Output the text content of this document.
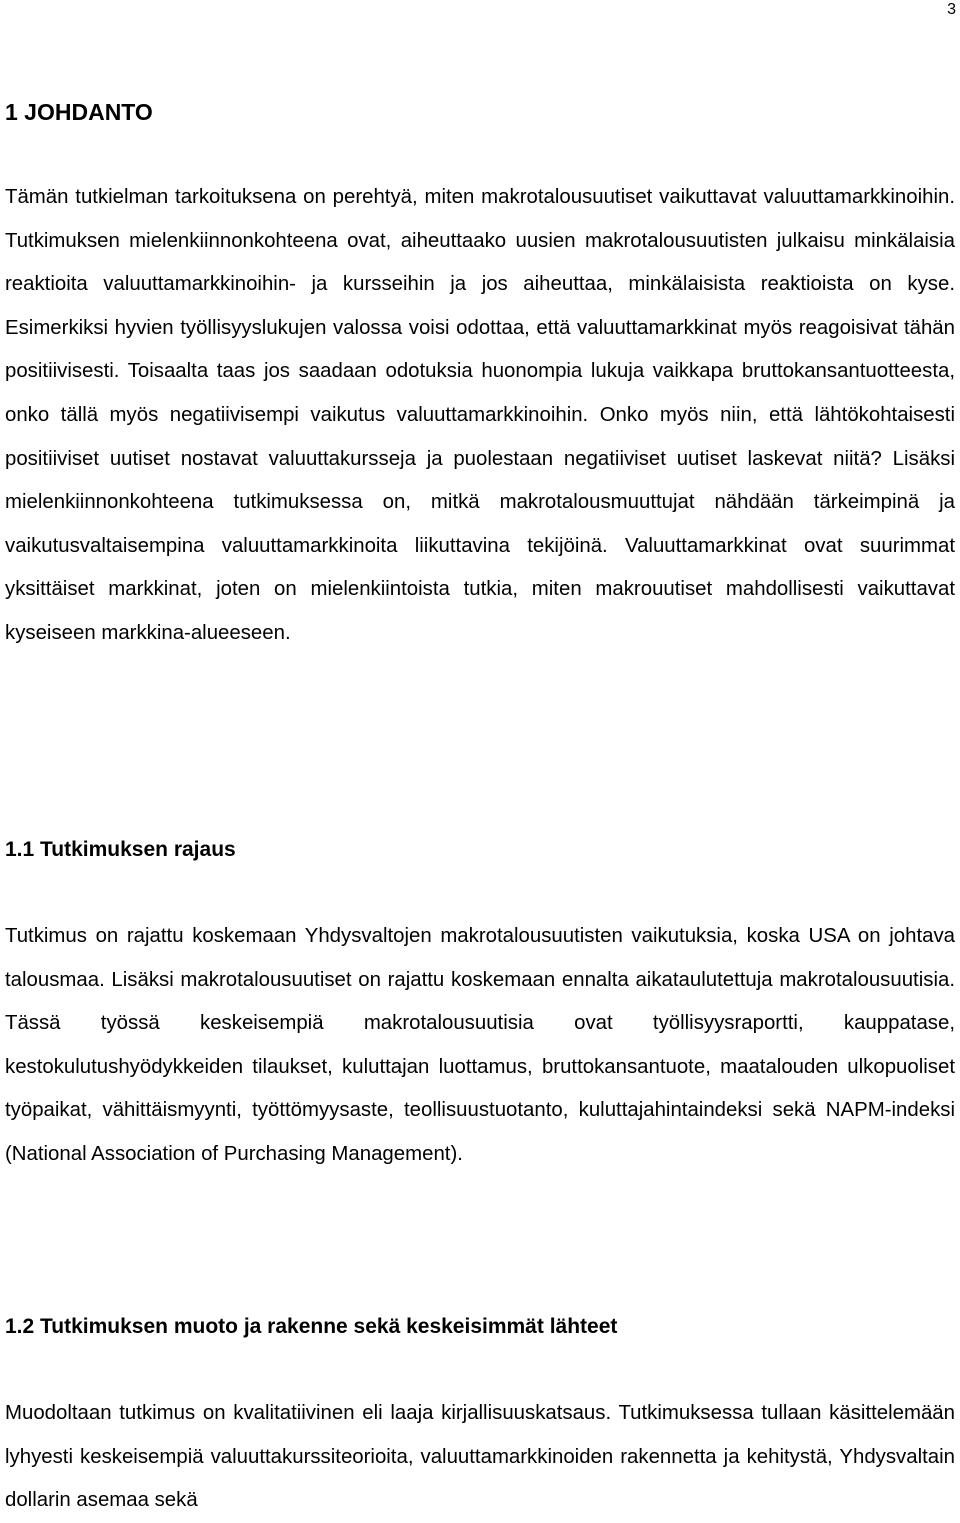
3

1 JOHDANTO

Tämän tutkielman tarkoituksena on perehtyä, miten makrotalousuutiset vaikuttavat valuuttamarkkinoihin. Tutkimuksen mielenkiinnonkohteena ovat, aiheuttaako uusien makrotalousuutisten julkaisu minkälaisia reaktioita valuuttamarkkinoihin- ja kursseihin ja jos aiheuttaa, minkälaisista reaktioista on kyse. Esimerkiksi hyvien työllisyyslukujen valossa voisi odottaa, että valuuttamarkkinat myös reagoisivat tähän positiivisesti. Toisaalta taas jos saadaan odotuksia huonompia lukuja vaikkapa bruttokansantuotteesta, onko tällä myös negatiivisempi vaikutus valuuttamarkkinoihin. Onko myös niin, että lähtökohtaisesti positiiviset uutiset nostavat valuuttakursseja ja puolestaan negatiiviset uutiset laskevat niitä? Lisäksi mielenkiinnonkohteena tutkimuksessa on, mitkä makrotalousmuuttujat nähdään tärkeimpinä ja vaikutusvaltaisempina valuuttamarkkinoita liikuttavina tekijöinä. Valuuttamarkkinat ovat suurimmat yksittäiset markkinat, joten on mielenkiintoista tutkia, miten makrouutiset mahdollisesti vaikuttavat kyseiseen markkina-alueeseen.

1.1 Tutkimuksen rajaus

Tutkimus on rajattu koskemaan Yhdysvaltojen makrotalousuutisten vaikutuksia, koska USA on johtava talousmaa. Lisäksi makrotalousuutiset on rajattu koskemaan ennalta aikataulutettuja makrotalousuutisia. Tässä työssä keskeisempiä makrotalousuutisia ovat työllisyysraportti, kauppatase, kestokulutushyödykkeiden tilaukset, kuluttajan luottamus, bruttokansantuote, maatalouden ulkopuoliset työpaikat, vähittäismyynti, työttömyysaste, teollisuustuotanto, kuluttajahintaindeksi sekä NAPM-indeksi (National Association of Purchasing Management).

1.2 Tutkimuksen muoto ja rakenne sekä keskeisimmät lähteet

Muodoltaan tutkimus on kvalitatiivinen eli laaja kirjallisuuskatsaus. Tutkimuksessa tullaan käsittelemään lyhyesti keskeisempiä valuuttakurssiteorioita, valuuttamarkkinoiden rakennetta ja kehitystä, Yhdysvaltain dollarin asemaa sekä
